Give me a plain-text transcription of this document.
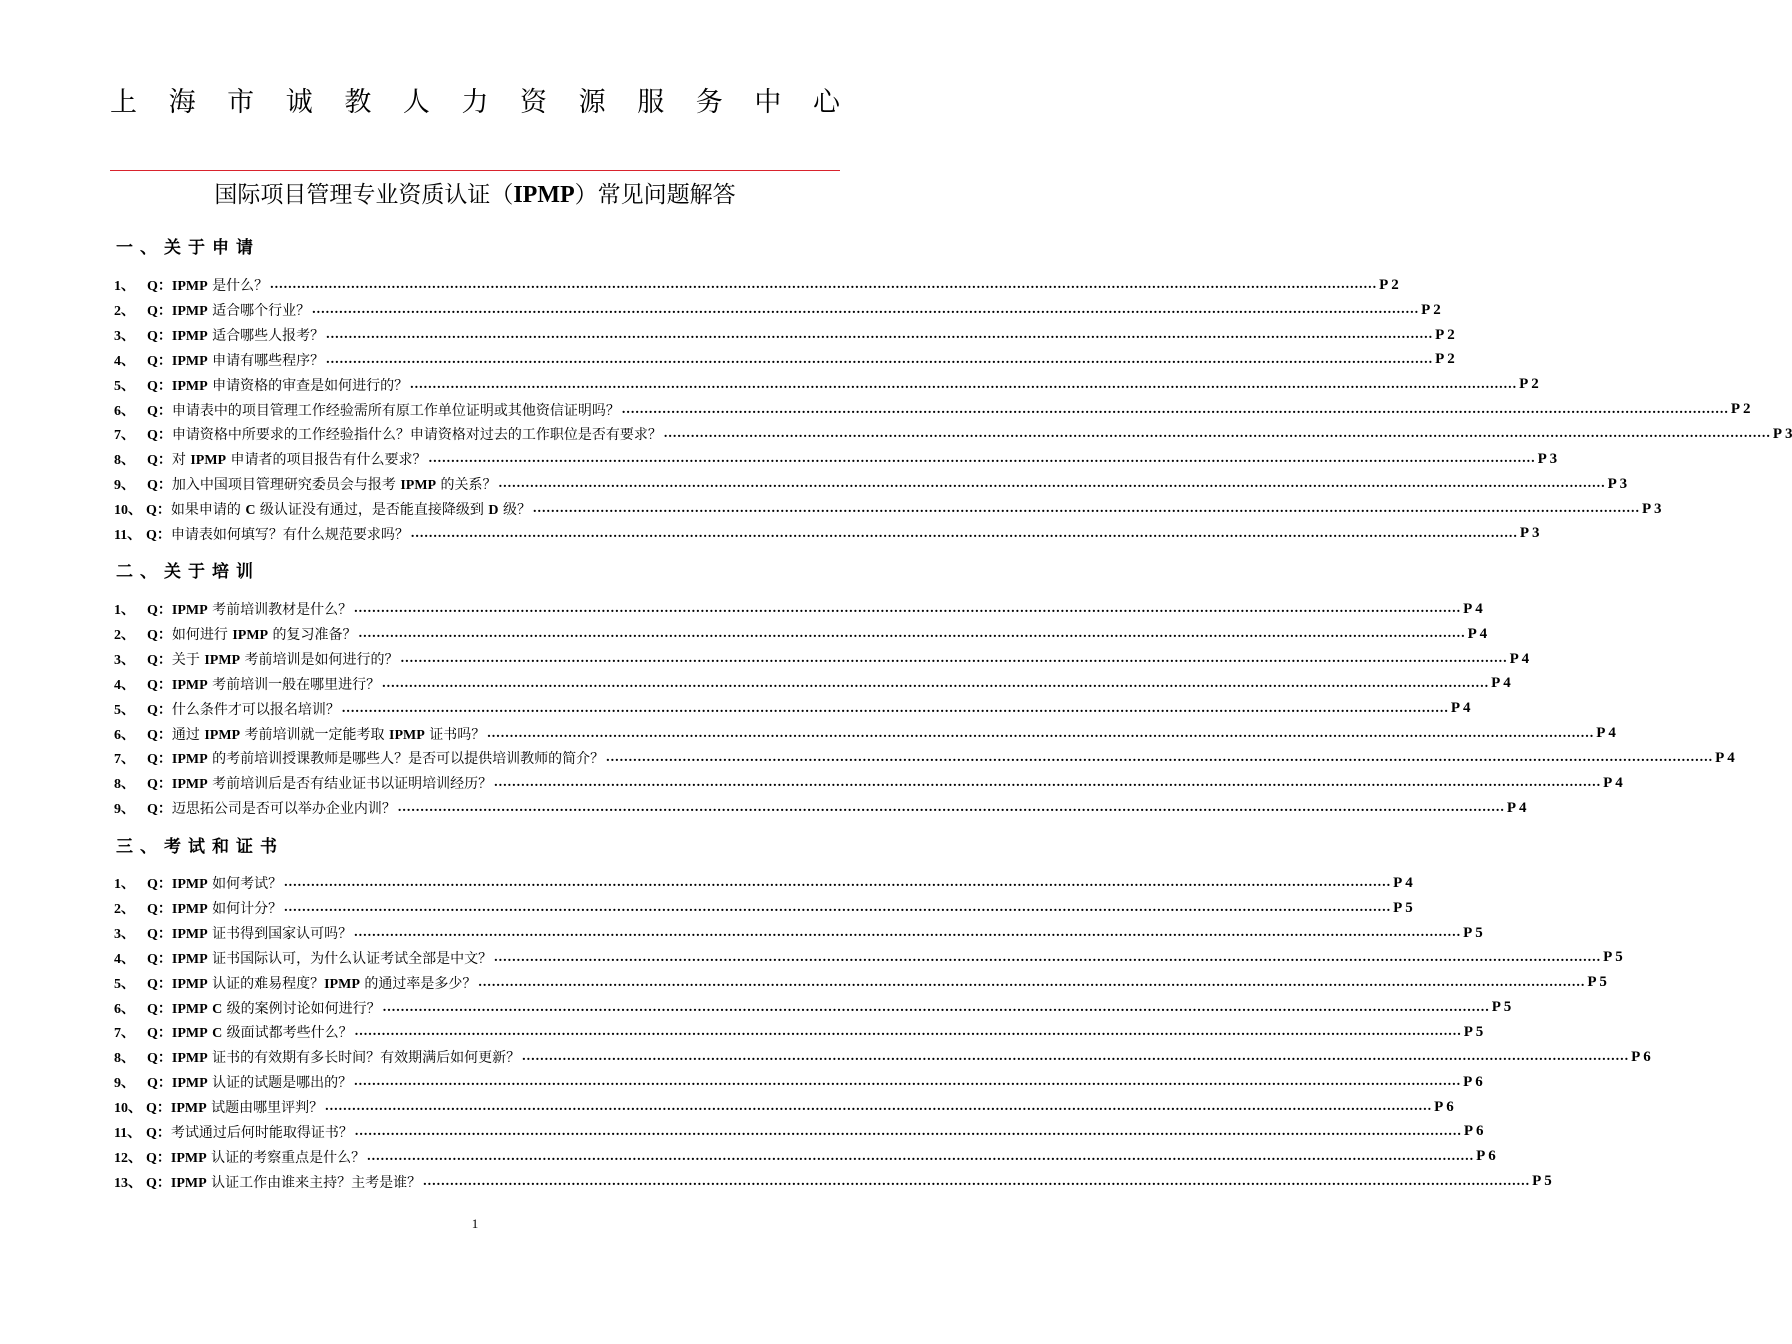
上 海 市 诚 教 人 力 资 源 服 务 中 心
国际项目管理专业资质认证（IPMP）常见问题解答
一、关于申请
1、 Q： IPMP 是什么？ .....	P 2
2、 Q： IPMP 适合哪个行业？ .....	P 2
3、 Q： IPMP 适合哪些人报考？ .....	P 2
4、 Q： IPMP 申请有哪些程序？ .....	P 2
5、 Q： IPMP 申请资格的审查是如何进行的？ .....	P 2
6、 Q： 申请表中的项目管理工作经验需所有原工作单位证明或其他资信证明吗？ .....	P 2
7、 Q： 申请资格中所要求的工作经验指什么？申请资格对过去的工作职位是否有要求？ .....	P 3
8、 Q： 对 IPMP 申请者的项目报告有什么要求？ .....	P 3
9、 Q： 加入中国项目管理研究委员会与报考 IPMP 的关系？ .....	P 3
10、 Q： 如果申请的 C 级认证没有通过，是否能直接降级到 D 级？ .....	P 3
11、 Q： 申请表如何填写？有什么规范要求吗？ .....	P 3
二、关于培训
1、 Q： IPMP 考前培训教材是什么？ .....	P 4
2、 Q： 如何进行 IPMP 的复习准备？ .....	P 4
3、 Q： 关于 IPMP 考前培训是如何进行的？ .....	P 4
4、 Q： IPMP 考前培训一般在哪里进行？ .....	P 4
5、 Q： 什么条件才可以报名培训？ .....	P 4
6、 Q： 通过 IPMP 考前培训就一定能考取 IPMP 证书吗？ .....	P 4
7、 Q： IPMP 的考前培训授课教师是哪些人？是否可以提供培训教师的简介？ .....	P 4
8、 Q： IPMP 考前培训后是否有结业证书以证明培训经历？ .....	P 4
9、 Q： 迈思拓公司是否可以举办企业内训？ .....	P 4
三、考试和证书
1、 Q： IPMP 如何考试？ .....	P 4
2、 Q： IPMP 如何计分？ .....	P 5
3、 Q： IPMP 证书得到国家认可吗？ .....	P 5
4、 Q： IPMP 证书国际认可，为什么认证考试全部是中文？ .....	P 5
5、 Q： IPMP 认证的难易程度？IPMP 的通过率是多少？ .....	P 5
6、 Q： IPMP C 级的案例讨论如何进行？ .....	P 5
7、 Q： IPMP C 级面试都考些什么？ .....	P 5
8、 Q： IPMP 证书的有效期有多长时间？有效期满后如何更新？ .....	P 6
9、 Q： IPMP 认证的试题是哪出的？ .....	P 6
10、 Q： IPMP 试题由哪里评判？ .....	P 6
11、 Q： 考试通过后何时能取得证书？ .....	P 6
12、 Q： IPMP 认证的考察重点是什么？ .....	P 6
13、 Q： IPMP 认证工作由谁来主持？主考是谁？ .....	P 5
1
